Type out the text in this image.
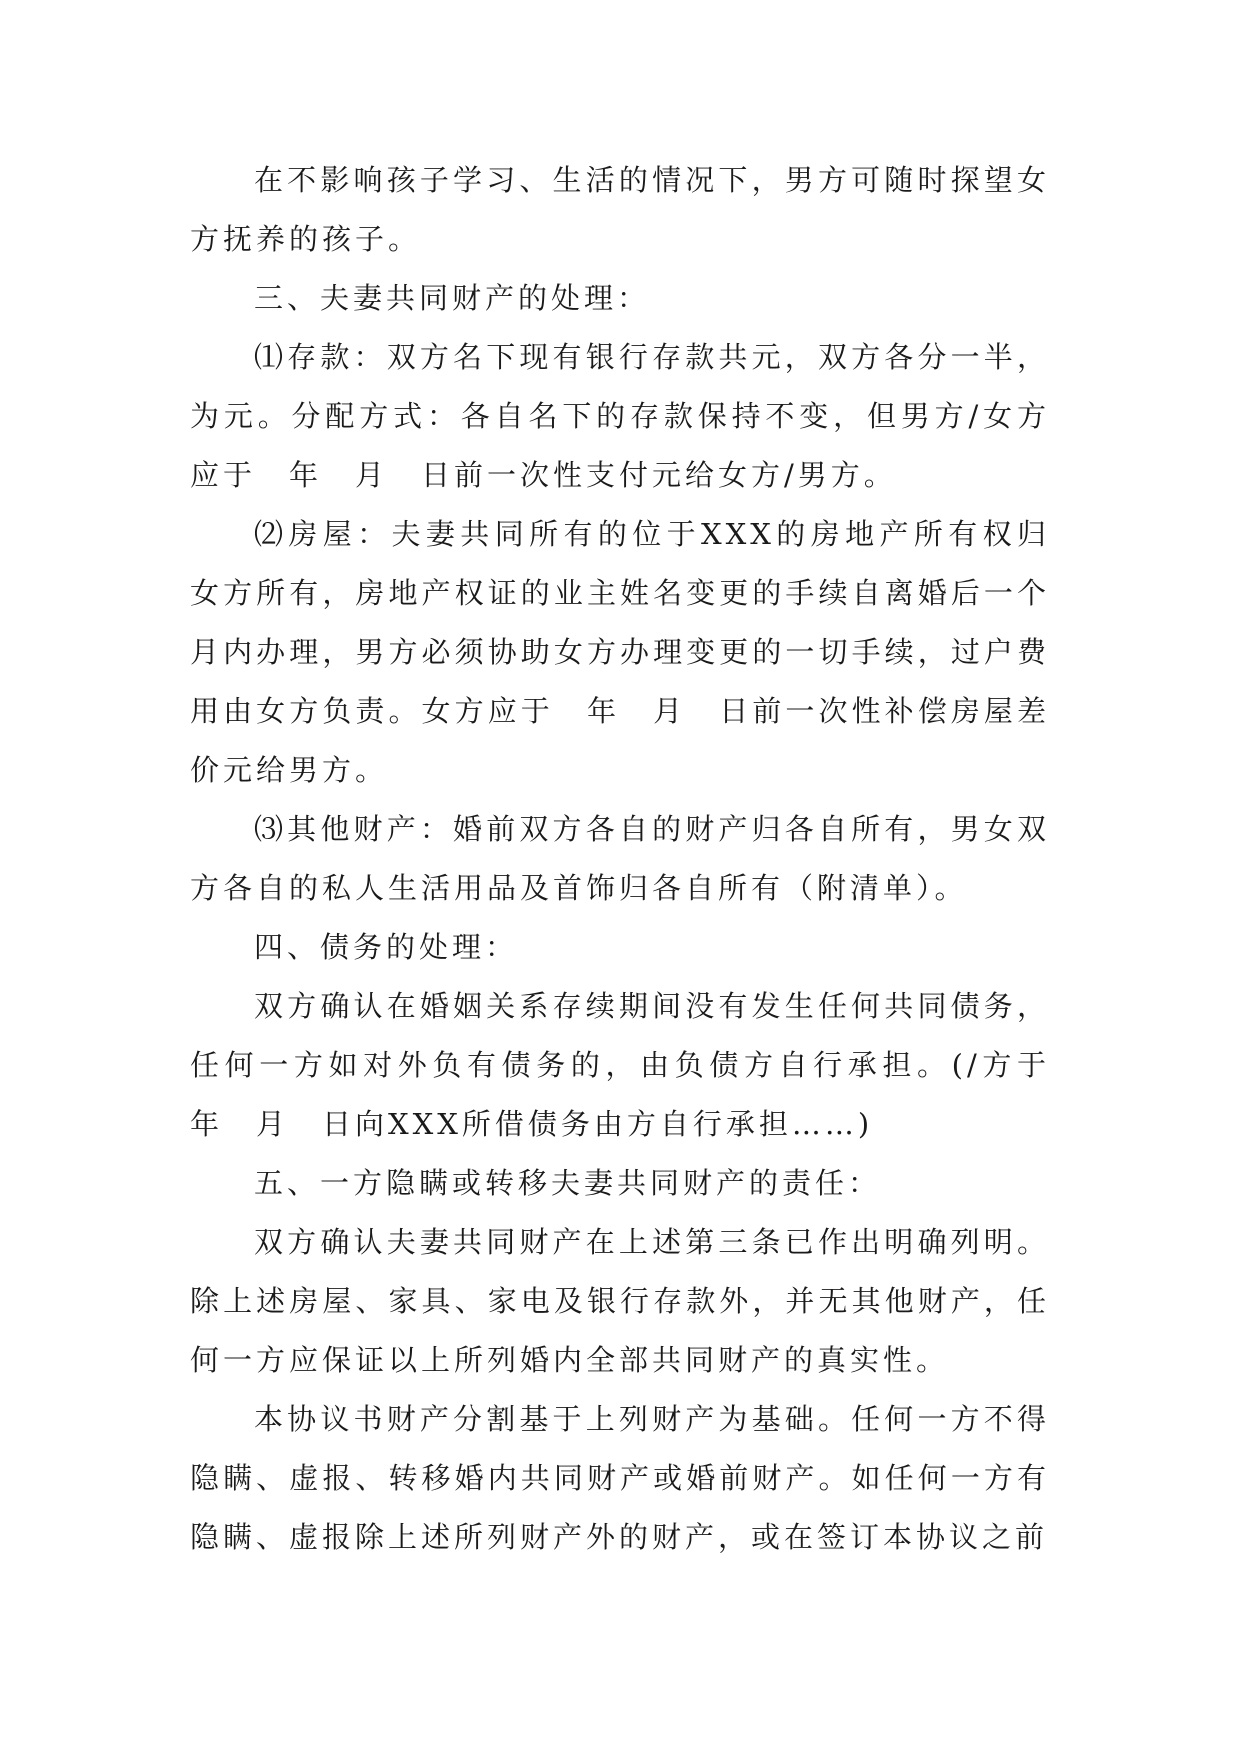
在不影响孩子学习、生活的情况下，男方可随时探望女方抚养的孩子。

三、夫妻共同财产的处理：

⑴存款：双方名下现有银行存款共元，双方各分一半，为元。分配方式：各自名下的存款保持不变，但男方/女方应于　年　月　日前一次性支付元给女方/男方。

⑵房屋：夫妻共同所有的位于XXX的房地产所有权归女方所有，房地产权证的业主姓名变更的手续自离婚后一个月内办理，男方必须协助女方办理变更的一切手续，过户费用由女方负责。女方应于　年　月　日前一次性补偿房屋差价元给男方。

⑶其他财产：婚前双方各自的财产归各自所有，男女双方各自的私人生活用品及首饰归各自所有（附清单）。

四、债务的处理：

双方确认在婚姻关系存续期间没有发生任何共同债务，任何一方如对外负有债务的，由负债方自行承担。(/方于　年　月　日向XXX所借债务由方自行承担……)

五、一方隐瞒或转移夫妻共同财产的责任：

双方确认夫妻共同财产在上述第三条已作出明确列明。除上述房屋、家具、家电及银行存款外，并无其他财产，任何一方应保证以上所列婚内全部共同财产的真实性。

本协议书财产分割基于上列财产为基础。任何一方不得隐瞒、虚报、转移婚内共同财产或婚前财产。如任何一方有隐瞒、虚报除上述所列财产外的财产，或在签订本协议之前
